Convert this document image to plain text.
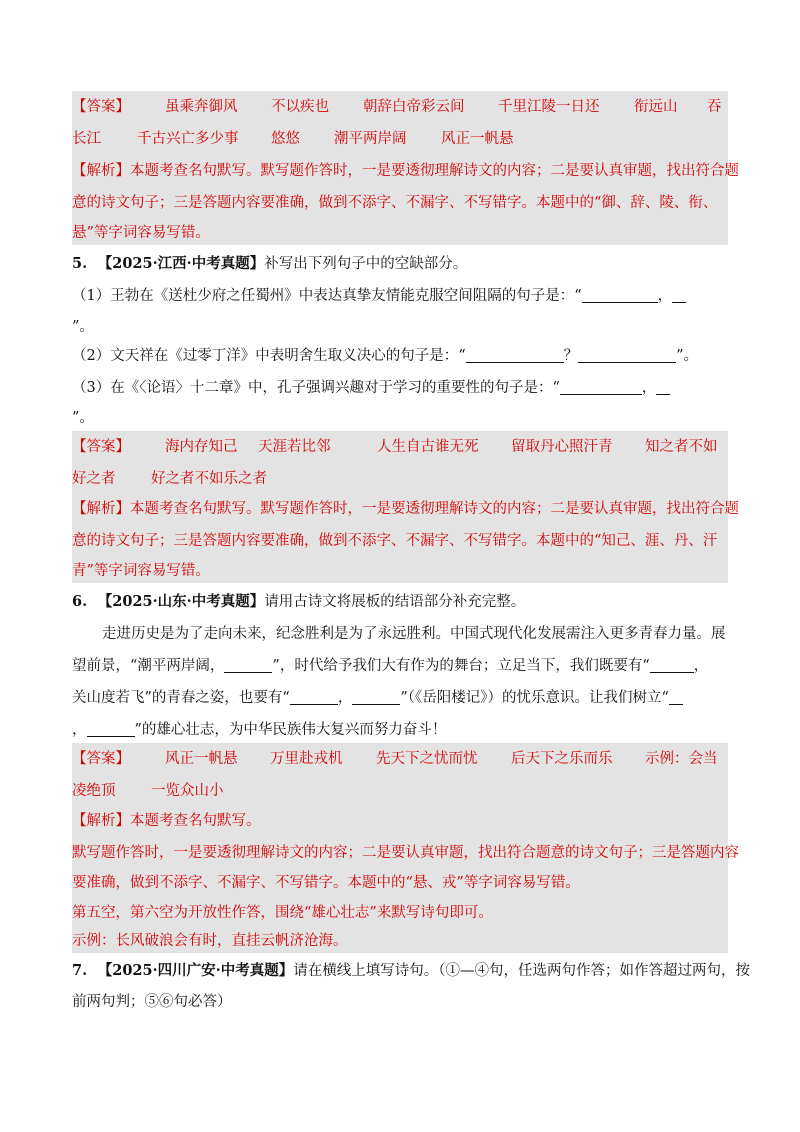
【答案】 虽乘奔御风 不以疾也 朝辞白帝彩云间 千里江陵一日还 衔远山 吞
长江 千古兴亡多少事 悠悠 潮平两岸阔 风正一帆悬
【解析】本题考查名句默写。默写题作答时，一是要透彻理解诗文的内容；二是要认真审题，找出符合题
意的诗文句子；三是答题内容要准确，做到不添字、不漏字、不写错字。本题中的“御、辞、陵、衔、
悬”等字词容易写错。
5. 【2025·江西·中考真题】补写出下列句子中的空缺部分。
（1）王勃在《送杜少府之任蜀州》中表达真挚友情能克服空间阻隔的句子是：“	，
”。
（2）文天祥在《过零丁洋》中表明舍生取义决心的句子是：“	？	”。
（3）在《〈论语〉十二章》中，孔子强调兴趣对于学习的重要性的句子是：“	，
”。
【答案】 海内存知己 天涯若比邻	人生自古谁无死 留取丹心照汗青 知之者不如
好之者 好之者不如乐之者
【解析】本题考查名句默写。默写题作答时，一是要透彻理解诗文的内容；二是要认真审题，找出符合题
意的诗文句子；三是答题内容要准确，做到不添字、不漏字、不写错字。本题中的“知己、涯、丹、汗
青”等字词容易写错。
6. 【2025·山东·中考真题】请用古诗文将展板的结语部分补充完整。
走进历史是为了走向未来，纪念胜利是为了永远胜利。中国式现代化发展需注入更多青春力量。展
望前景，“潮平两岸阔，	”，时代给予我们大有作为的舞台；立足当下，我们既要有“	，
关山度若飞”的青春之姿，也要有“	，	”（《岳阳楼记》）的忧乐意识。让我们树立“
，	”的雄心壮志，为中华民族伟大复兴而努力奋斗！
【答案】 风正一帆悬 万里赴戎机 先天下之忧而忧 后天下之乐而乐 示例：会当
凌绝顶 一览众山小
【解析】本题考查名句默写。
默写题作答时，一是要透彻理解诗文的内容；二是要认真审题，找出符合题意的诗文句子；三是答题内容
要准确，做到不添字、不漏字、不写错字。本题中的“悬、戎”等字词容易写错。
第五空，第六空为开放性作答，围绕“雄心壮志”来默写诗句即可。
示例：长风破浪会有时，直挂云帆济沧海。
7. 【2025·四川广安·中考真题】请在横线上填写诗句。（①—④句，任选两句作答；如作答超过两句，按
前两句判；⑤⑥句必答）
